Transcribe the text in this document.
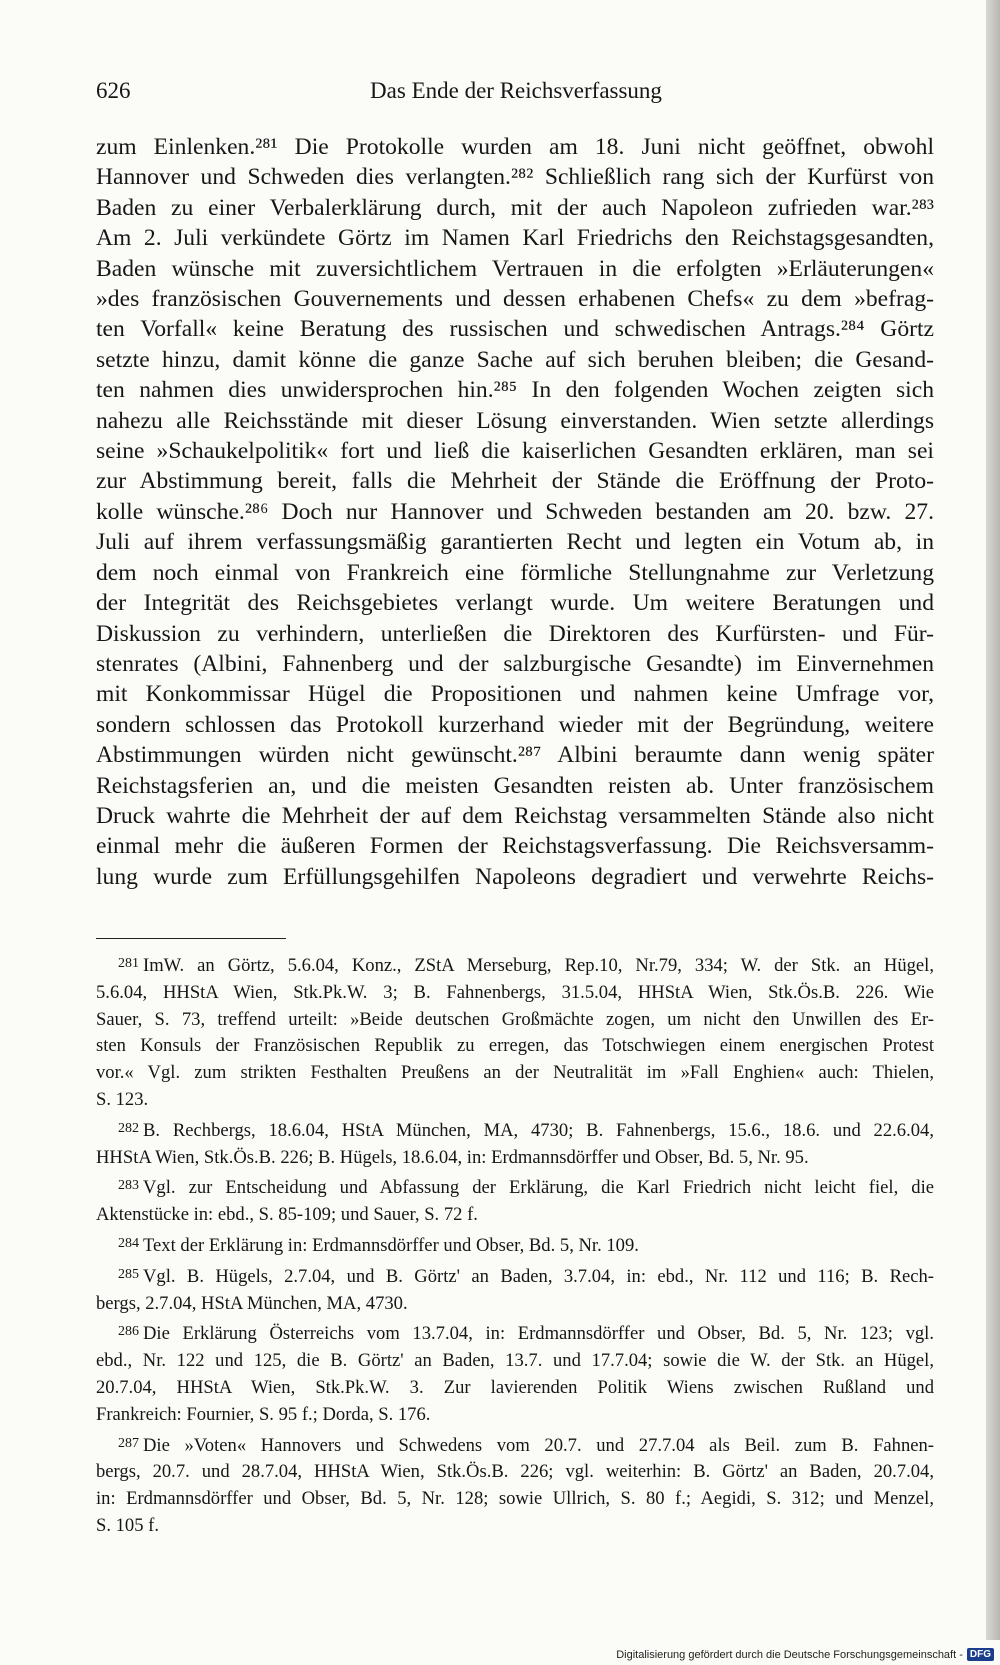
626	Das Ende der Reichsverfassung
zum Einlenken.²⁸¹ Die Protokolle wurden am 18. Juni nicht geöffnet, obwohl
Hannover und Schweden dies verlangten.²⁸² Schließlich rang sich der Kurfürst von
Baden zu einer Verbalerklärung durch, mit der auch Napoleon zufrieden war.²⁸³
Am 2. Juli verkündete Görtz im Namen Karl Friedrichs den Reichstagsgesandten,
Baden wünsche mit zuversichtlichem Vertrauen in die erfolgten »Erläuterungen«
»des französischen Gouvernements und dessen erhabenen Chefs« zu dem »befrag-
ten Vorfall« keine Beratung des russischen und schwedischen Antrags.²⁸⁴ Görtz
setzte hinzu, damit könne die ganze Sache auf sich beruhen bleiben; die Gesand-
ten nahmen dies unwidersprochen hin.²⁸⁵ In den folgenden Wochen zeigten sich
nahezu alle Reichsstände mit dieser Lösung einverstanden. Wien setzte allerdings
seine »Schaukelpolitik« fort und ließ die kaiserlichen Gesandten erklären, man sei
zur Abstimmung bereit, falls die Mehrheit der Stände die Eröffnung der Proto-
kolle wünsche.²⁸⁶ Doch nur Hannover und Schweden bestanden am 20. bzw. 27.
Juli auf ihrem verfassungsmäßig garantierten Recht und legten ein Votum ab, in
dem noch einmal von Frankreich eine förmliche Stellungnahme zur Verletzung
der Integrität des Reichsgebietes verlangt wurde. Um weitere Beratungen und
Diskussion zu verhindern, unterließen die Direktoren des Kurfürsten- und Für-
stenrates (Albini, Fahnenberg und der salzburgische Gesandte) im Einvernehmen
mit Konkommissar Hügel die Propositionen und nahmen keine Umfrage vor,
sondern schlossen das Protokoll kurzerhand wieder mit der Begründung, weitere
Abstimmungen würden nicht gewünscht.²⁸⁷ Albini beraumte dann wenig später
Reichstagsferien an, und die meisten Gesandten reisten ab. Unter französischem
Druck wahrte die Mehrheit der auf dem Reichstag versammelten Stände also nicht
einmal mehr die äußeren Formen der Reichstagsverfassung. Die Reichsversamm-
lung wurde zum Erfüllungsgehilfen Napoleons degradiert und verwehrte Reichs-
$^{281}$ ImW. an Görtz, 5.6.04, Konz., ZStA Merseburg, Rep.10, Nr.79, 334; W. der Stk. an Hügel,
5.6.04, HHStA Wien, Stk.Pk.W. 3; B. Fahnenbergs, 31.5.04, HHStA Wien, Stk.Ös.B. 226. Wie
Sauer, S. 73, treffend urteilt: »Beide deutschen Großmächte zogen, um nicht den Unwillen des Er-
sten Konsuls der Französischen Republik zu erregen, das Totschwiegen einem energischen Protest
vor.« Vgl. zum strikten Festhalten Preußens an der Neutralität im »Fall Enghien« auch: Thielen,
S. 123.
$^{282}$ B. Rechbergs, 18.6.04, HStA München, MA, 4730; B. Fahnenbergs, 15.6., 18.6. und 22.6.04,
HHStA Wien, Stk.Ös.B. 226; B. Hügels, 18.6.04, in: Erdmannsdörffer und Obser, Bd. 5, Nr. 95.
$^{283}$ Vgl. zur Entscheidung und Abfassung der Erklärung, die Karl Friedrich nicht leicht fiel, die
Aktenstücke in: ebd., S. 85-109; und Sauer, S. 72 f.
$^{284}$ Text der Erklärung in: Erdmannsdörffer und Obser, Bd. 5, Nr. 109.
$^{285}$ Vgl. B. Hügels, 2.7.04, und B. Görtz' an Baden, 3.7.04, in: ebd., Nr. 112 und 116; B. Rech-
bergs, 2.7.04, HStA München, MA, 4730.
$^{286}$ Die Erklärung Österreichs vom 13.7.04, in: Erdmannsdörffer und Obser, Bd. 5, Nr. 123; vgl.
ebd., Nr. 122 und 125, die B. Görtz' an Baden, 13.7. und 17.7.04; sowie die W. der Stk. an Hügel,
20.7.04, HHStA Wien, Stk.Pk.W. 3. Zur lavierenden Politik Wiens zwischen Rußland und
Frankreich: Fournier, S. 95 f.; Dorda, S. 176.
$^{287}$ Die »Voten« Hannovers und Schwedens vom 20.7. und 27.7.04 als Beil. zum B. Fahnen-
bergs, 20.7. und 28.7.04, HHStA Wien, Stk.Ös.B. 226; vgl. weiterhin: B. Görtz' an Baden, 20.7.04,
in: Erdmannsdörffer und Obser, Bd. 5, Nr. 128; sowie Ullrich, S. 80 f.; Aegidi, S. 312; und Menzel,
S. 105 f.
Digitalisierung gefördert durch die Deutsche Forschungsgemeinschaft - DFG
